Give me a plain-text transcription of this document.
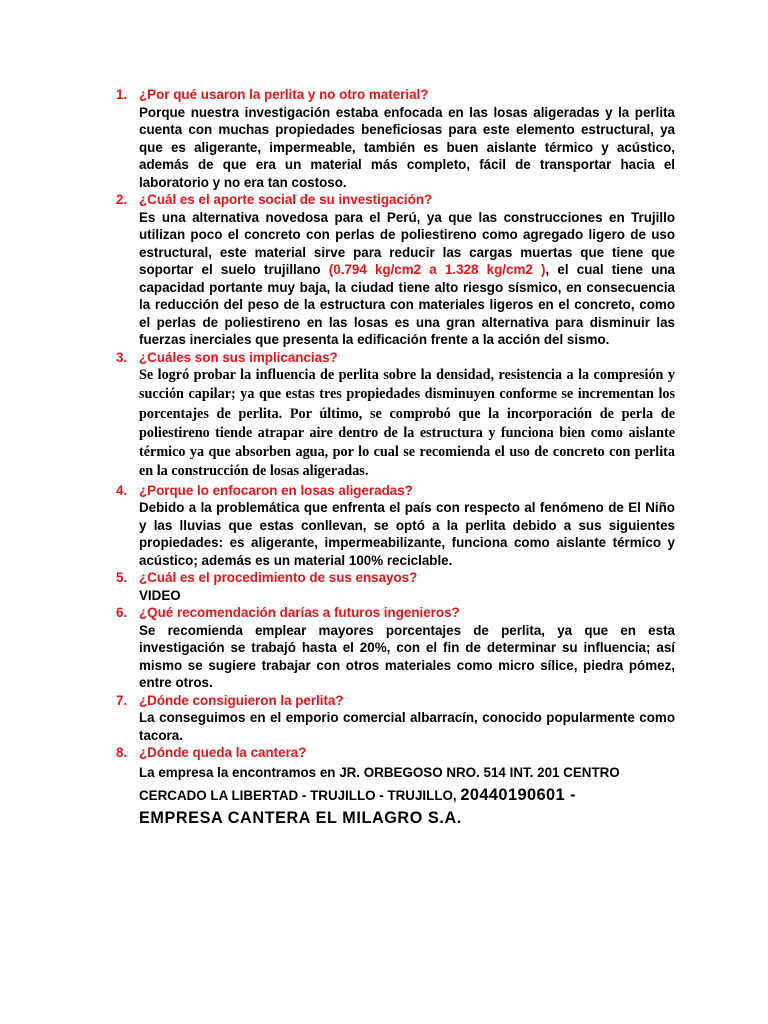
1. ¿Por qué usaron la perlita y no otro material?
Porque nuestra investigación estaba enfocada en las losas aligeradas y la perlita cuenta con muchas propiedades beneficiosas para este elemento estructural, ya que es aligerante, impermeable, también es buen aislante térmico y acústico, además de que era un material más completo, fácil de transportar hacia el laboratorio y no era tan costoso.
2. ¿Cuál es el aporte social de su investigación?
Es una alternativa novedosa para el Perú, ya que las construcciones en Trujillo utilizan poco el concreto con perlas de poliestireno como agregado ligero de uso estructural, este material sirve para reducir las cargas muertas que tiene que soportar el suelo trujillano (0.794 kg/cm2 a 1.328 kg/cm2 ), el cual tiene una capacidad portante muy baja, la ciudad tiene alto riesgo sísmico, en consecuencia la reducción del peso de la estructura con materiales ligeros en el concreto, como el perlas de poliestireno en las losas es una gran alternativa para disminuir las fuerzas inerciales que presenta la edificación frente a la acción del sismo.
3. ¿Cuáles son sus implicancias?
Se logró probar la influencia de perlita sobre la densidad, resistencia a la compresión y succión capilar; ya que estas tres propiedades disminuyen conforme se incrementan los porcentajes de perlita. Por último, se comprobó que la incorporación de perla de poliestireno tiende atrapar aire dentro de la estructura y funciona bien como aislante térmico ya que absorben agua, por lo cual se recomienda el uso de concreto con perlita en la construcción de losas aligeradas.
4. ¿Porque lo enfocaron en losas aligeradas?
Debido a la problemática que enfrenta el país con respecto al fenómeno de El Niño y las lluvias que estas conllevan, se optó a la perlita debido a sus siguientes propiedades: es aligerante, impermeabilizante, funciona como aislante térmico y acústico; además es un material 100% reciclable.
5. ¿Cuál es el procedimiento de sus ensayos?
VIDEO
6. ¿Qué recomendación darías a futuros ingenieros?
Se recomienda emplear mayores porcentajes de perlita, ya que en esta investigación se trabajó hasta el 20%, con el fin de determinar su influencia; así mismo se sugiere trabajar con otros materiales como micro sílice, piedra pómez, entre otros.
7. ¿Dónde consiguieron la perlita?
La conseguimos en el emporio comercial albarracín, conocido popularmente como tacora.
8. ¿Dónde queda la cantera?
La empresa la encontramos en JR. ORBEGOSO NRO. 514 INT. 201 CENTRO
CERCADO LA LIBERTAD - TRUJILLO - TRUJILLO, 20440190601 -
EMPRESA CANTERA EL MILAGRO S.A.
